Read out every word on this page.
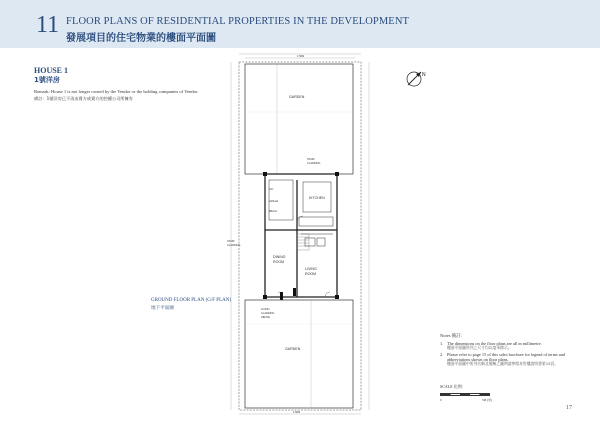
11 FLOOR PLANS OF RESIDENTIAL PROPERTIES IN THE DEVELOPMENT
發展項目的住宅物業的樓面平面圖
HOUSE 1
1號洋房
Remark: House 1 is not longer owned by the Vendor or the holding companies of Vendor
備註：1號洋房已不再由賣方或賣方的控權公司所擁有
GROUND FLOOR PLAN (G/F PLAN)
地下平面圖
GARDEN
KITCHEN
DINING
ROOM
LIVING
ROOM
STAIR
CLADDING
STAIR
CLADDING
LIVING
CLADDING
ABOVE
A/C
GRILLE
MECH.
GARDEN
17000
17000
N
Notes 備註：
1. The dimensions on the floor plans are all in millimetre.
樓面平面圖所列之尺寸均以毫米標示。
2. Please refer to page 15 of this sales brochure for legend of terms and abbreviations shown on floor plans.
樓面平面圖中所列名稱及簡稱之圖例請參閱本售樓說明書第15頁。
SCALE 比例：
0	5M (米)
17
